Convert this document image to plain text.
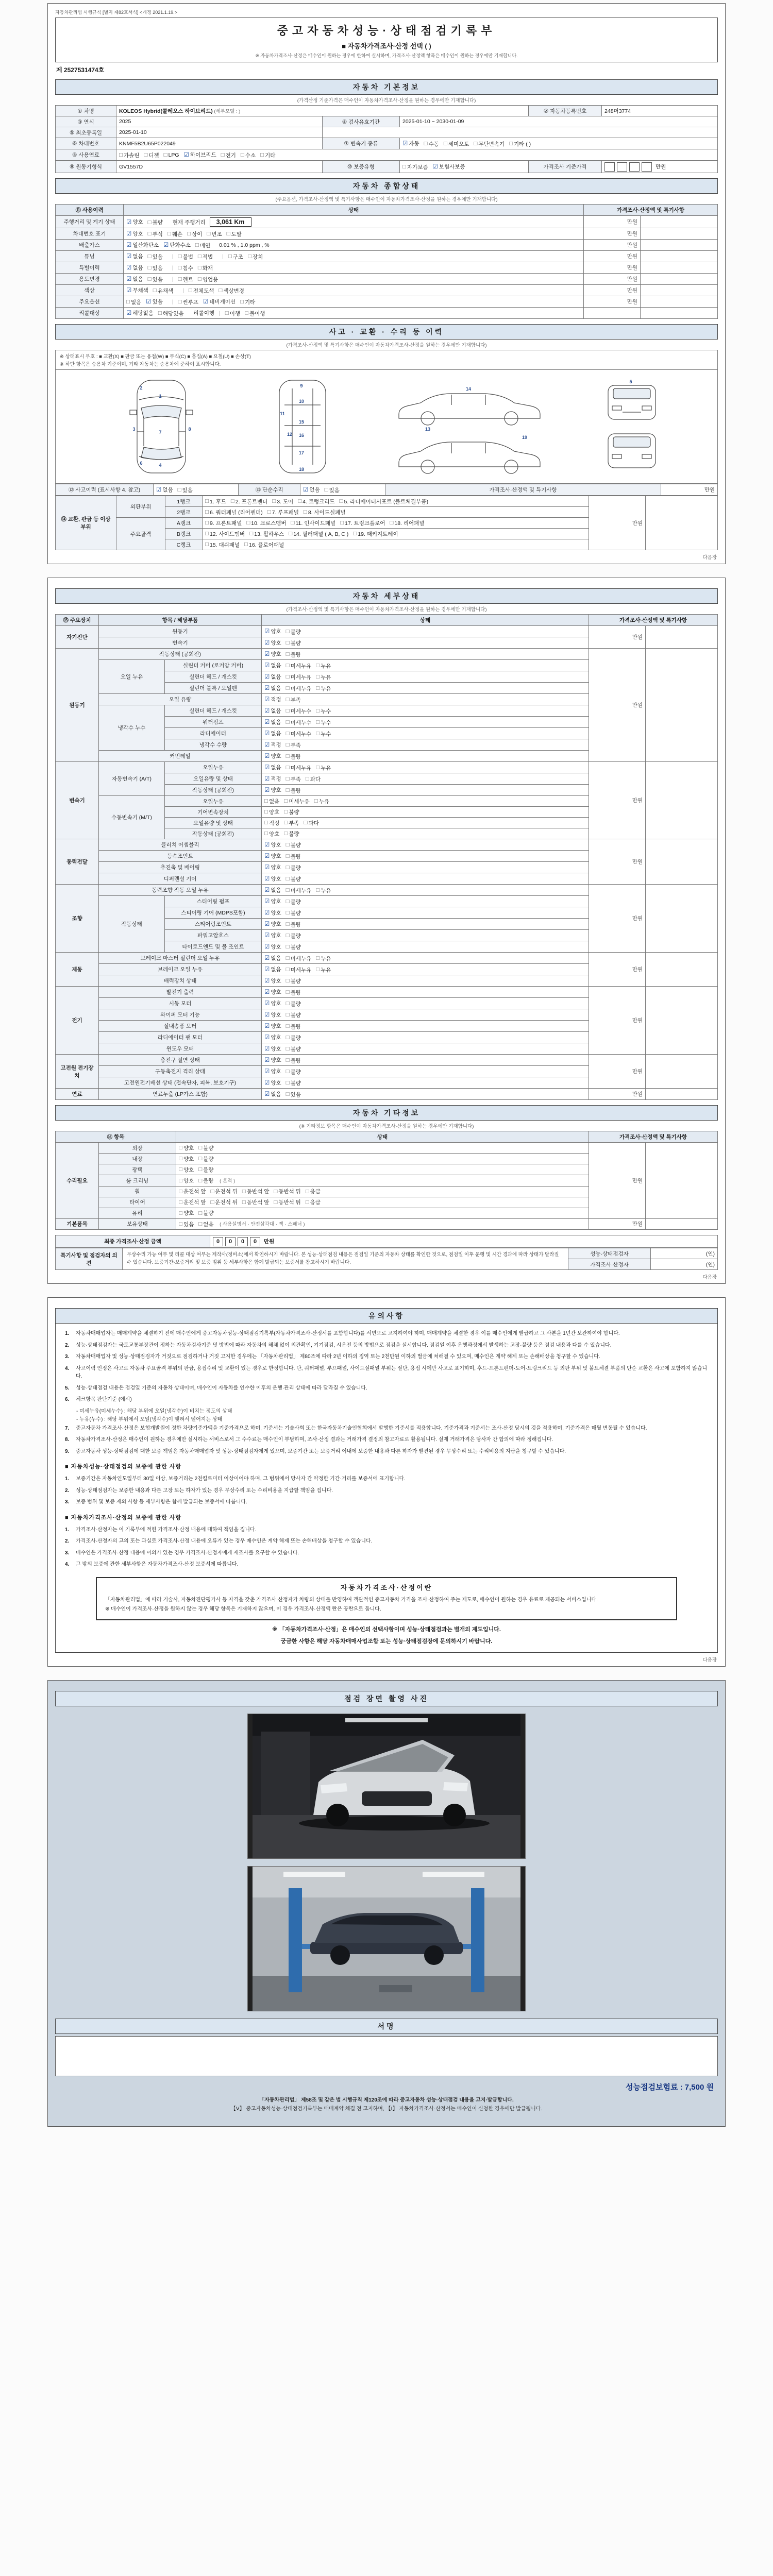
자동차관리법 시행규칙 [별지 제82호서식] <개정 2021.1.19.>
중고자동차성능·상태점검기록부
■ 자동차가격조사·산정 선택 ( )
※ 자동차가격조사·산정은 매수인이 원하는 경우에 한하여 실시하며, 가격조사·산정액 항목은 매수인이 원하는 경우에만 기재합니다.
제 2527531474호
자동차 기본정보
(가격산정 기준가격은 매수인이 자동차가격조사·산정을 원하는 경우에만 기재합니다)
① 차명	KOLEOS Hybrid(콜레오스 하이브리드) (세부모델 : )			② 자동차등록번호	248머3774
③ 연식	2025	④ 검사유효기간	2025-01-10 ~ 2030-01-09		
⑤ 최초등록일	2025-01-10				
⑥ 차대번호	KNMF5B2U65P022049	⑦ 변속기 종류	☑ 자동 □ 수동 □ 세미오토 □ 무단변속기 □ 기타 ( )

⑧ 사용연료	□ 가솔린 □ 디젤 □ LPG ☑ 하이브리드 □ 전기 □ 수소 □ 기타

⑨ 원동기형식	GV1557D	⑩ 보증유형	□ 자가보증 ☑ 보험사보증	가격조사 기준가격	만원
자동차 종합상태
(주요옵션, 가격조사·산정액 및 특기사항은 매수인이 자동차가격조사·산정을 원하는 경우에만 기재합니다)
⑪ 사용이력	상태	가격조사·산정액 및 특기사항	
주행거리 및 계기 상태	☑ 양호 □ 불량 현재 주행거리 3,061 Km	만원	
차대번호 표기	☑ 양호 □ 부식 □ 훼손 □ 상이 □ 변조 □ 도말	만원	
배출가스	☑ 일산화탄소 ☑ 탄화수소 □ 매연 0.01 % , 1.0 ppm , %	만원	
튜닝	☑ 없음 □ 있음 | □ 불법 □ 적법 | □ 구조 □ 장치	만원	
특별이력	☑ 없음 □ 있음 | □ 침수 □ 화재	만원	
용도변경	☑ 없음 □ 있음 | □ 렌트 □ 영업용	만원	
색상	☑ 무채색 □ 유채색 | □ 전체도색 □ 색상변경	만원	
주요옵션	□ 없음 ☑ 있음 | □ 썬루프 ☑ 네비게이션 □ 기타	만원	
리콜대상	☑ 해당없음 □ 해당있음 리콜이행 | □ 이행 □ 불이행

사고 · 교환 · 수리 등 이력
(가격조사·산정액 및 특기사항은 매수인이 자동차가격조사·산정을 원하는 경우에만 기재합니다)
※ 상태표시 부호 : ■ 교환(X) ■ 판금 또는 용접(W) ■ 부식(C) ■ 흠집(A) ■ 요철(U) ■ 손상(T)
※ 하단 항목은 승용차 기준이며, 기타 자동차는 승용차에 준하여 표시합니다.
1
2
3
4
6
7
8
9
10
11
12
15
16
17
18
13
14
19
5
⑫ 사고이력 (표시사항 4. 참고)	☑ 없음 □ 있음	⑬ 단순수리	☑ 없음 □ 있음	가격조사·산정액 및 특기사항	만원
⑭ 교환, 판금 등 이상 부위	외판부위	1랭크	□ 1. 후드 □ 2. 프론트펜더 □ 3. 도어 □ 4. 트렁크리드 □ 5. 라디에이터서포트 (볼트체결부품)
	만원	
2랭크	□ 6. 쿼터패널 (리어펜더) □ 7. 루프패널 □ 8. 사이드실패널

주요골격	A랭크	□ 9. 프론트패널 □ 10. 크로스멤버 □ 11. 인사이드패널 □ 17. 트렁크플로어 □ 18. 리어패널

B랭크	□ 12. 사이드멤버 □ 13. 휠하우스 □ 14. 필러패널 ( A, B, C ) □ 19. 패키지트레이

		C랭크	□ 15. 대쉬패널 □ 16. 플로어패널		
다음장
자동차 세부상태
(가격조사·산정액 및 특기사항은 매수인이 자동차가격조사·산정을 원하는 경우에만 기재합니다)
⑮ 주요장치	항목 / 해당부품		상태	가격조사·산정액 및 특기사항	
자기진단	원동기		☑ 양호 □ 불량	만원	
	변속기		☑ 양호 □ 불량		

원동기	작동상태 (공회전)		☑ 양호 □ 불량	만원	
오일 누유	실린더 커버 (로커암 커버)	☑ 없음 □ 미세누유 □ 누유

실린더 헤드 / 개스킷	☑ 없음 □ 미세누유 □ 누유

실린더 블록 / 오일팬	☑ 없음 □ 미세누유 □ 누유

	오일 유량		☑ 적정 □ 부족		

냉각수 누수	실린더 헤드 / 개스킷	☑ 없음 □ 미세누수 □ 누수

워터펌프	☑ 없음 □ 미세누수 □ 누수

라디에이터	☑ 없음 □ 미세누수 □ 누수

		냉각수 수량	☑ 적정 □ 부족		

	커먼레일		☑ 양호 □ 불량		

변속기	자동변속기 (A/T)	오일누유	☑ 없음 □ 미세누유 □ 누유
	만원	
오일유량 및 상태	☑ 적정 □ 부족 □ 과다

		작동상태 (공회전)	☑ 양호 □ 불량		

수동변속기 (M/T)	오일누유	□ 없음 □ 미세누유 □ 누유

		기어변속장치	□ 양호 □ 불량		

오일유량 및 상태	□ 적정 □ 부족 □ 과다

		작동상태 (공회전)	□ 양호 □ 불량		

동력전달	클러치 어셈블리		☑ 양호 □ 불량	만원	
	등속조인트		☑ 양호 □ 불량		

	추진축 및 베어링		☑ 양호 □ 불량		

	디퍼렌셜 기어		☑ 양호 □ 불량		

조향	동력조향 작동 오일 누유	☑ 없음 □ 미세누유 □ 누유
	만원	
	작동상태	스티어링 펌프	☑ 양호 □ 불량		

		스티어링 기어 (MDPS포함)	☑ 양호 □ 불량		

		스티어링조인트	☑ 양호 □ 불량		

		파워고압호스	☑ 양호 □ 불량		

		타이로드엔드 및 볼 조인트	☑ 양호 □ 불량		

제동	브레이크 마스터 실린더 오일 누유	☑ 없음 □ 미세누유 □ 누유
	만원	
브레이크 오일 누유	☑ 없음 □ 미세누유 □ 누유

	배력장치 상태		☑ 양호 □ 불량		

전기	발전기 출력		☑ 양호 □ 불량	만원	
	시동 모터		☑ 양호 □ 불량		

	와이퍼 모터 기능		☑ 양호 □ 불량		

	실내송풍 모터		☑ 양호 □ 불량		

	라디에이터 팬 모터		☑ 양호 □ 불량		

	윈도우 모터		☑ 양호 □ 불량		

고전원 전기장치	충전구 절연 상태		☑ 양호 □ 불량	만원	
	구동축전지 격리 상태		☑ 양호 □ 불량		

	고전원전기배선 상태 (접속단자, 피복, 보호기구)		☑ 양호 □ 불량		

연료	연료누출 (LP가스 포함)		☑ 없음 □ 있음	만원	
자동차 기타정보
(※ 기타정보 항목은 매수인이 자동차가격조사·산정을 원하는 경우에만 기재합니다)
⑯ 항목		상태	가격조사·산정액 및 특기사항	
수리필요	외장	□ 양호 □ 불량	만원	
	내장	□ 양호 □ 불량		

	광택	□ 양호 □ 불량		

	룸 크리닝	□ 양호 □ 불량 ( 흔적 )		
휠	□ 운전석 앞 □ 운전석 뒤 □ 동반석 앞 □ 동반석 뒤 □ 응급

타이어	□ 운전석 앞 □ 운전석 뒤 □ 동반석 앞 □ 동반석 뒤 □ 응급

	유리	□ 양호 □ 불량		

기본품목	보유상태	□ 있음 □ 없음 ( 사용설명서 · 안전삼각대 · 잭 · 스패너 )	만원	
최종 가격조사·산정 금액	0 0 0 0 만원
특기사항 및 점검자의 의견	무상수리 가능 여부 및 리콜 대상 여부는 제작사(정비소)에서 확인하시기 바랍니다. 본 성능·상태점검 내용은 점검일 기준의 자동차 상태를 확인한 것으로, 점검일 이후 운행 및 시간 경과에 따라 상태가 달라질 수 있습니다. 보증기간·보증거리 및 보증 범위 등 세부사항은 함께 발급되는 보증서를 참고하시기 바랍니다.	성능·상태점검자	(인)
		가격조사·산정자	(인)
다음장
유의사항
1.	자동차매매업자는 매매계약을 체결하기 전에 매수인에게 중고자동차성능·상태점검기록부(자동차가격조사·산정서를 포함합니다)를 서면으로 고지하여야 하며, 매매계약을 체결한 경우 이를 매수인에게 발급하고 그 사본을 1년간 보관하여야 합니다.
2.	성능·상태점검자는 국토교통부장관이 정하는 자동차검사기준 및 방법에 따라 자동차의 해체 없이 외관확인, 기기점검, 시운전 등의 방법으로 점검을 실시합니다. 점검일 이후 운행과정에서 발생하는 고장·불량 등은 점검 내용과 다를 수 있습니다.
3.	자동차매매업자 및 성능·상태점검자가 거짓으로 점검하거나 거짓 고지한 경우에는 「자동차관리법」 제80조에 따라 2년 이하의 징역 또는 2천만원 이하의 벌금에 처해질 수 있으며, 매수인은 계약 해제 또는 손해배상을 청구할 수 있습니다.
4.	사고이력 인정은 사고로 자동차 주요골격 부위의 판금, 용접수리 및 교환이 있는 경우로 한정합니다. 단, 쿼터패널, 루프패널, 사이드실패널 부위는 절단, 용접 시에만 사고로 표기하며, 후드·프론트펜더·도어·트렁크리드 등 외판 부위 및 볼트체결 부품의 단순 교환은 사고에 포함하지 않습니다.
5.	성능·상태점검 내용은 점검일 기준의 자동차 상태이며, 매수인이 자동차를 인수한 이후의 운행·관리 상태에 따라 달라질 수 있습니다.
6.	체크항목 판단기준 (예시)
- 미세누유(미세누수) : 해당 부위에 오일(냉각수)이 비치는 정도의 상태
- 누유(누수) : 해당 부위에서 오일(냉각수)이 맺혀서 떨어지는 상태
7.	중고자동차 가격조사·산정은 보험개발원이 정한 차량기준가액을 기준가격으로 하며, 기준서는 기술사회 또는 한국자동차기술인협회에서 발행한 기준서를 적용합니다. 기준가격과 기준서는 조사·산정 당시의 것을 적용하며, 기준가격은 매월 변동될 수 있습니다.
8.	자동차가격조사·산정은 매수인이 원하는 경우에만 실시하는 서비스로서 그 수수료는 매수인이 부담하며, 조사·산정 결과는 거래가격 결정의 참고자료로 활용됩니다. 실제 거래가격은 당사자 간 합의에 따라 정해집니다.
9.	중고자동차 성능·상태점검에 대한 보증 책임은 자동차매매업자 및 성능·상태점검자에게 있으며, 보증기간 또는 보증거리 이내에 보증한 내용과 다른 하자가 발견된 경우 무상수리 또는 수리비용의 지급을 청구할 수 있습니다.
■ 자동차성능·상태점검의 보증에 관한 사항
1.	보증기간은 자동차인도일부터 30일 이상, 보증거리는 2천킬로미터 이상이어야 하며, 그 범위에서 당사자 간 약정한 기간·거리를 보증서에 표기합니다.
2.	성능·상태점검자는 보증한 내용과 다른 고장 또는 하자가 있는 경우 무상수리 또는 수리비용을 지급할 책임을 집니다.
3.	보증 범위 및 보증 제외 사항 등 세부사항은 함께 발급되는 보증서에 따릅니다.
■ 자동차가격조사·산정의 보증에 관한 사항
1.	가격조사·산정자는 이 기록부에 적힌 가격조사·산정 내용에 대하여 책임을 집니다.
2.	가격조사·산정자의 고의 또는 과실로 가격조사·산정 내용에 오류가 있는 경우 매수인은 계약 해제 또는 손해배상을 청구할 수 있습니다.
3.	매수인은 가격조사·산정 내용에 이의가 있는 경우 가격조사·산정자에게 재조사를 요구할 수 있습니다.
4.	그 밖의 보증에 관한 세부사항은 자동차가격조사·산정 보증서에 따릅니다.
자동차가격조사·산정이란
「자동차관리법」에 따라 기술사, 자동차진단평가사 등 자격을 갖춘 가격조사·산정자가 차량의 상태를 반영하여 객관적인 중고자동차 가격을 조사·산정하여 주는 제도로, 매수인이 원하는 경우 유료로 제공되는 서비스입니다.
※ 매수인이 가격조사·산정을 원하지 않는 경우 해당 항목은 기재하지 않으며, 이 경우 가격조사·산정액 란은 공란으로 둡니다.
※ 「자동차가격조사·산정」은 매수인의 선택사항이며 성능·상태점검과는 별개의 제도입니다.
궁금한 사항은 해당 자동차매매사업조합 또는 성능·상태점검장에 문의하시기 바랍니다.
다음장
점검 장면 촬영 사진
서명
성능점검보험료 : 7,500 원
「자동차관리법」 제58조 및 같은 법 시행규칙 제120조에 따라 중고자동차 성능·상태점검 내용을 고지·발급합니다.
【Ⅴ】 중고자동차성능·상태점검기록부는 매매계약 체결 전 고지하며, 【Ⅰ】 자동차가격조사·산정서는 매수인이 신청한 경우에만 발급됩니다.
